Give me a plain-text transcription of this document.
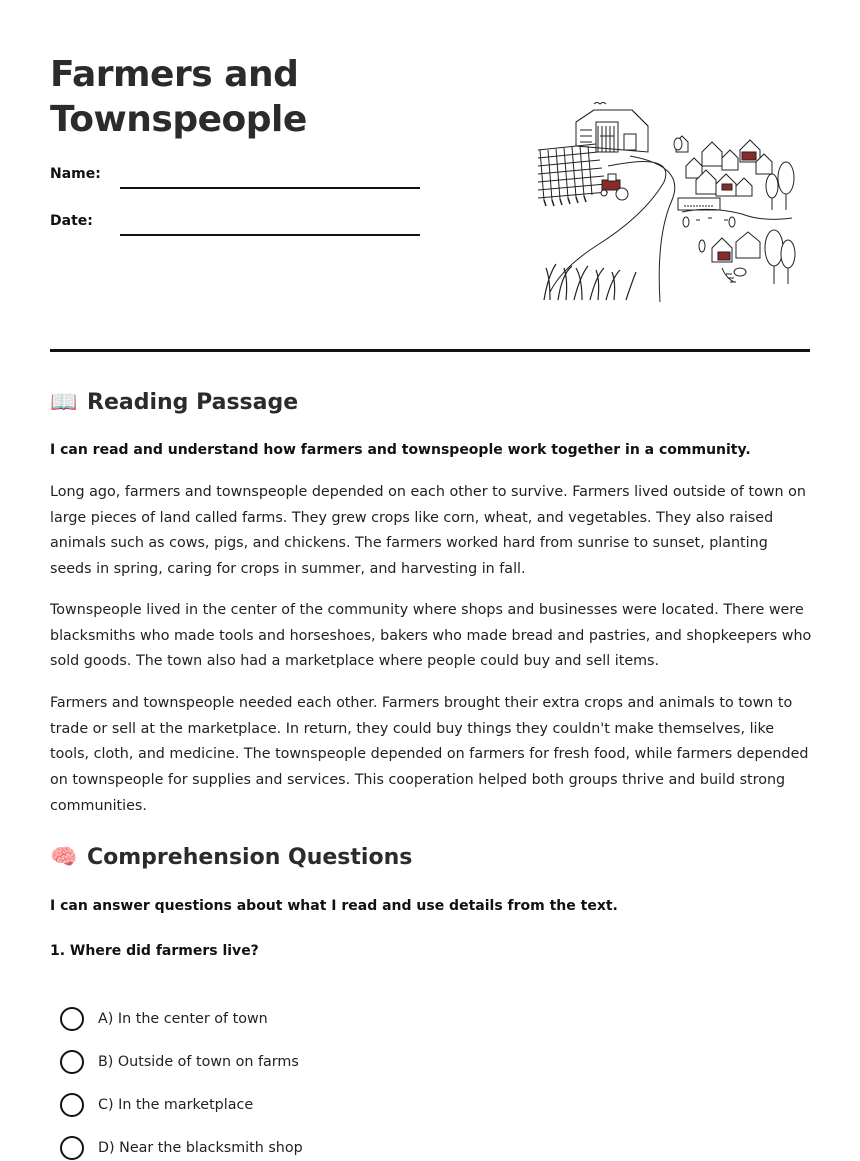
Farmers and Townspeople
Name:
Date:
📖 Reading Passage

I can read and understand how farmers and townspeople work together in a community.

Long ago, farmers and townspeople depended on each other to survive. Farmers lived outside of town on large pieces of land called farms. They grew crops like corn, wheat, and vegetables. They also raised animals such as cows, pigs, and chickens. The farmers worked hard from sunrise to sunset, planting seeds in spring, caring for crops in summer, and harvesting in fall.

Townspeople lived in the center of the community where shops and businesses were located. There were blacksmiths who made tools and horseshoes, bakers who made bread and pastries, and shopkeepers who sold goods. The town also had a marketplace where people could buy and sell items.

Farmers and townspeople needed each other. Farmers brought their extra crops and animals to town to trade or sell at the marketplace. In return, they could buy things they couldn't make themselves, like tools, cloth, and medicine. The townspeople depended on farmers for fresh food, while farmers depended on townspeople for supplies and services. This cooperation helped both groups thrive and build strong communities.

🧠 Comprehension Questions

I can answer questions about what I read and use details from the text.

1. Where did farmers live?

A) In the center of town
B) Outside of town on farms
C) In the marketplace
D) Near the blacksmith shop
